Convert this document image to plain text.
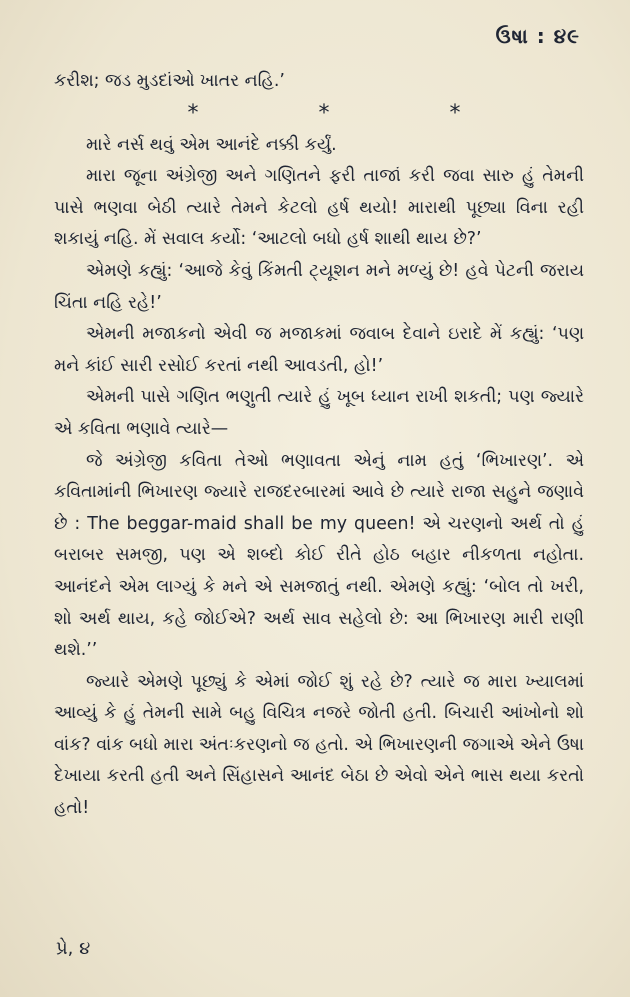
ઉષા : ૪૯

કરીશ; જડ મુડદાંઓ ખાતર નહિ.’

*	*	*

મારે નર્સ થવું એમ આનંદે નક્કી કર્યું.

મારા જૂના અંગ્રેજી અને ગણિતને ફરી તાજાં કરી જવા સારુ હું તેમની પાસે ભણવા બેઠી ત્યારે તેમને કેટલો હર્ષ થયો! મારાથી પૂછ્યા વિના રહી શકાયું નહિ. મેં સવાલ કર્યો: ‘આટલો બધો હર્ષ શાથી થાય છે?’

એમણે કહ્યું: ‘આજે કેવું કિંમતી ટ્યૂશન મને મળ્યું છે! હવે પેટની જરાય ચિંતા નહિ રહે!’

એમની મજાકનો એવી જ મજાકમાં જવાબ દેવાને ઇરાદે મેં કહ્યું: ‘પણ મને કાંઈ સારી રસોઈ કરતાં નથી આવડતી, હો!’

એમની પાસે ગણિત ભણુતી ત્યારે હું ખૂબ ધ્યાન રાખી શકતી; પણ જ્યારે એ કવિતા ભણાવે ત્યારે—

જે અંગ્રેજી કવિતા તેઓ ભણાવતા એનું નામ હતું ‘ભિખારણ’. એ કવિતામાંની ભિખારણ જ્યારે રાજદરબારમાં આવે છે ત્યારે રાજા સહુને જણાવે છે : The beggar-maid shall be my queen! એ ચરણનો અર્થ તો હું બરાબર સમજી, પણ એ શબ્દો કોઈ રીતે હોઠ બહાર નીકળતા નહોતા. આનંદને એમ લાગ્યું કે મને એ સમજાતું નથી. એમણે કહ્યું: ‘બોલ તો ખરી, શો અર્થ થાય, કહે જોઈએ? અર્થ સાવ સહેલો છે: આ ભિખારણ મારી રાણી થશે.’’

જ્યારે એમણે પૂછ્યું કે એમાં જોઈ શું રહે છે? ત્યારે જ મારા ખ્યાલમાં આવ્યું કે હું તેમની સામે બહુ વિચિત્ર નજરે જોતી હતી. બિચારી આંખોનો શો વાંક? વાંક બધો મારા અંતઃકરણનો જ હતો. એ ભિખારણની જગાએ એને ઉષા દેખાયા કરતી હતી અને સિંહાસને આનંદ બેઠા છે એવો એને ભાસ થયા કરતો હતો!

પ્રે, ૪
